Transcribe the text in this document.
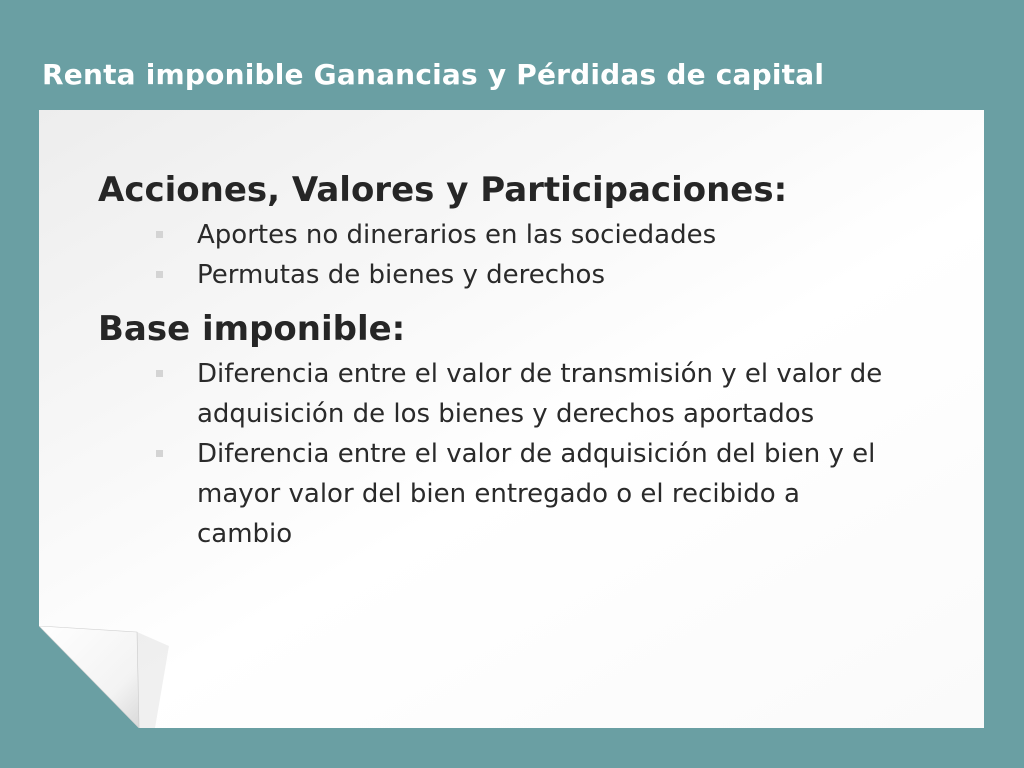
Renta imponible Ganancias y Pérdidas de capital
Acciones, Valores y Participaciones:
Aportes no dinerarios en las sociedades
Permutas de bienes y derechos
Base imponible:
Diferencia entre el valor de transmisión y el valor de adquisición de los bienes y derechos aportados
Diferencia entre el valor de adquisición del bien y el mayor valor del bien entregado o el recibido a cambio
